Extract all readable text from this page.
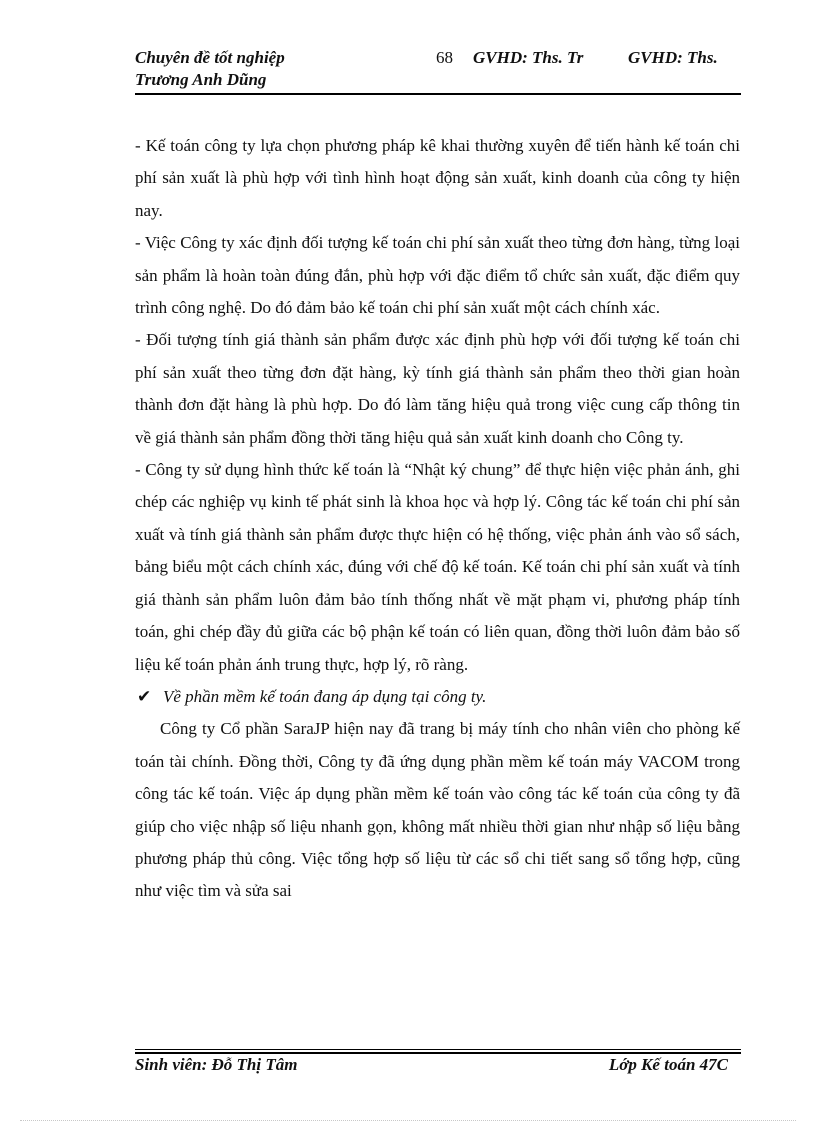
Chuyên đề tốt nghiệp
Trương Anh Dũng
68 GVHD: Ths. Tr	GVHD: Ths.

- Kế toán công ty lựa chọn phương pháp kê khai thường xuyên để tiến hành kế toán chi phí sản xuất là phù hợp với tình hình hoạt động sản xuất, kinh doanh của công ty hiện nay.

- Việc Công ty xác định đối tượng kế toán chi phí sản xuất theo từng đơn hàng, từng loại sản phẩm là hoàn toàn đúng đắn, phù hợp với đặc điểm tổ chức sản xuất, đặc điểm quy trình công nghệ. Do đó đảm bảo kế toán chi phí sản xuất một cách chính xác.

- Đối tượng tính giá thành sản phẩm được xác định phù hợp với đối tượng kế toán chi phí sản xuất theo từng đơn đặt hàng, kỳ tính giá thành sản phẩm theo thời gian hoàn thành đơn đặt hàng là phù hợp. Do đó làm tăng hiệu quả trong việc cung cấp thông tin về giá thành sản phẩm đồng thời tăng hiệu quả sản xuất kinh doanh cho Công ty.

- Công ty sử dụng hình thức kế toán là “Nhật ký chung” để thực hiện việc phản ánh, ghi chép các nghiệp vụ kinh tế phát sinh là khoa học và hợp lý. Công tác kế toán chi phí sản xuất và tính giá thành sản phẩm được thực hiện có hệ thống, việc phản ánh vào sổ sách, bảng biểu một cách chính xác, đúng với chế độ kế toán. Kế toán chi phí sản xuất và tính giá thành sản phẩm luôn đảm bảo tính thống nhất về mặt phạm vi, phương pháp tính toán, ghi chép đầy đủ giữa các bộ phận kế toán có liên quan, đồng thời luôn đảm bảo số liệu kế toán phản ánh trung thực, hợp lý, rõ ràng.

✔ Về phần mềm kế toán đang áp dụng tại công ty.

Công ty Cổ phần SaraJP hiện nay đã trang bị máy tính cho nhân viên cho phòng kế toán tài chính. Đồng thời, Công ty đã ứng dụng phần mềm kế toán máy VACOM trong công tác kế toán. Việc áp dụng phần mềm kế toán vào công tác kế toán của công ty đã giúp cho việc nhập số liệu nhanh gọn, không mất nhiều thời gian như nhập số liệu bằng phương pháp thủ công. Việc tổng hợp số liệu từ các sổ chi tiết sang sổ tổng hợp, cũng như việc tìm và sửa sai

Sinh viên: Đỗ Thị Tâm	Lớp Kế toán 47C
